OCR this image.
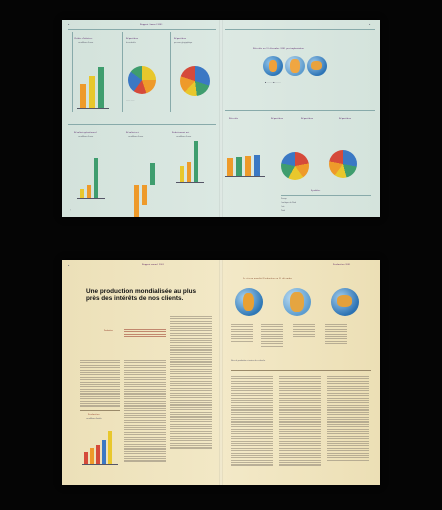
●	Rapport Annuel 2001
Chiffre d'affaires
en millions d'euros
Répartition
des activités
—— ——
Répartition
par zone géographique
Résultat opérationnel
en millions d'euros
Résultat net
en millions d'euros
Endettement net
en millions d'euros
*
●
Effectifs au 31 décembre 2001 par implantation
■ ——— ■ ———
Effectifs	Répartition	Répartition	Répartition
Synthèse
Europe
Amérique du Nord
Asie
Total
●	Rapport annuel 2001
Une production mondialisée au plus près des intérêts de nos clients.
Production
Production
en millions d'unités
Production 2001
Le réseau mondial Production au 31 décembre
Sites de production et centres de recherche
